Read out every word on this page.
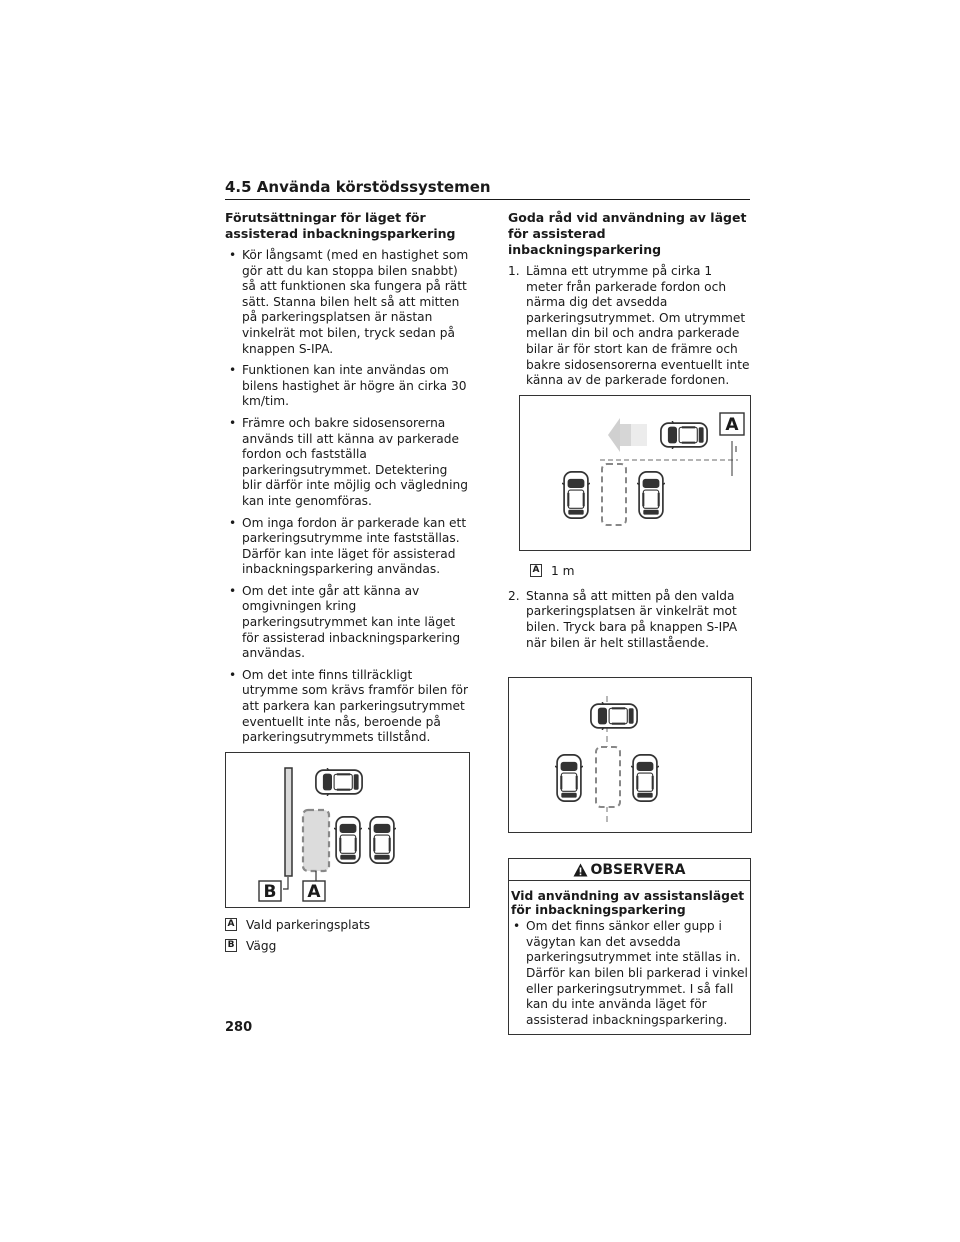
4.5 Använda körstödssystemen
Förutsättningar för läget för assisterad inbackningsparkering
• Kör långsamt (med en hastighet som gör att du kan stoppa bilen snabbt) så att funktionen ska fungera på rätt sätt. Stanna bilen helt så att mitten på parkeringsplatsen är nästan vinkelrät mot bilen, tryck sedan på knappen S-IPA.
• Funktionen kan inte användas om bilens hastighet är högre än cirka 30 km/tim.
• Främre och bakre sidosensorerna används till att känna av parkerade fordon och fastställa parkeringsutrymmet. Detektering blir därför inte möjlig och vägledning kan inte genomföras.
• Om inga fordon är parkerade kan ett parkeringsutrymme inte fastställas. Därför kan inte läget för assisterad inbackningsparkering användas.
• Om det inte går att känna av omgivningen kring parkeringsutrymmet kan inte läget för assisterad inbackningsparkering användas.
• Om det inte finns tillräckligt utrymme som krävs framför bilen för att parkera kan parkeringsutrymmet eventuellt inte nås, beroende på parkeringsutrymmets tillstånd.
B A
A Vald parkeringsplats
B Vägg
Goda råd vid användning av läget för assisterad inbackningsparkering
1. Lämna ett utrymme på cirka 1 meter från parkerade fordon och närma dig det avsedda parkeringsutrymmet. Om utrymmet mellan din bil och andra parkerade bilar är för stort kan de främre och bakre sidosensorerna eventuellt inte känna av de parkerade fordonen.
A
A 1 m
2. Stanna så att mitten på den valda parkeringsplatsen är vinkelrät mot bilen. Tryck bara på knappen S-IPA när bilen är helt stillastående.
OBSERVERA
Vid användning av assistansläget för inbackningsparkering
• Om det finns sänkor eller gupp i vägytan kan det avsedda parkeringsutrymmet inte ställas in. Därför kan bilen bli parkerad i vinkel eller parkeringsutrymmet. I så fall kan du inte använda läget för assisterad inbackningsparkering.
280
